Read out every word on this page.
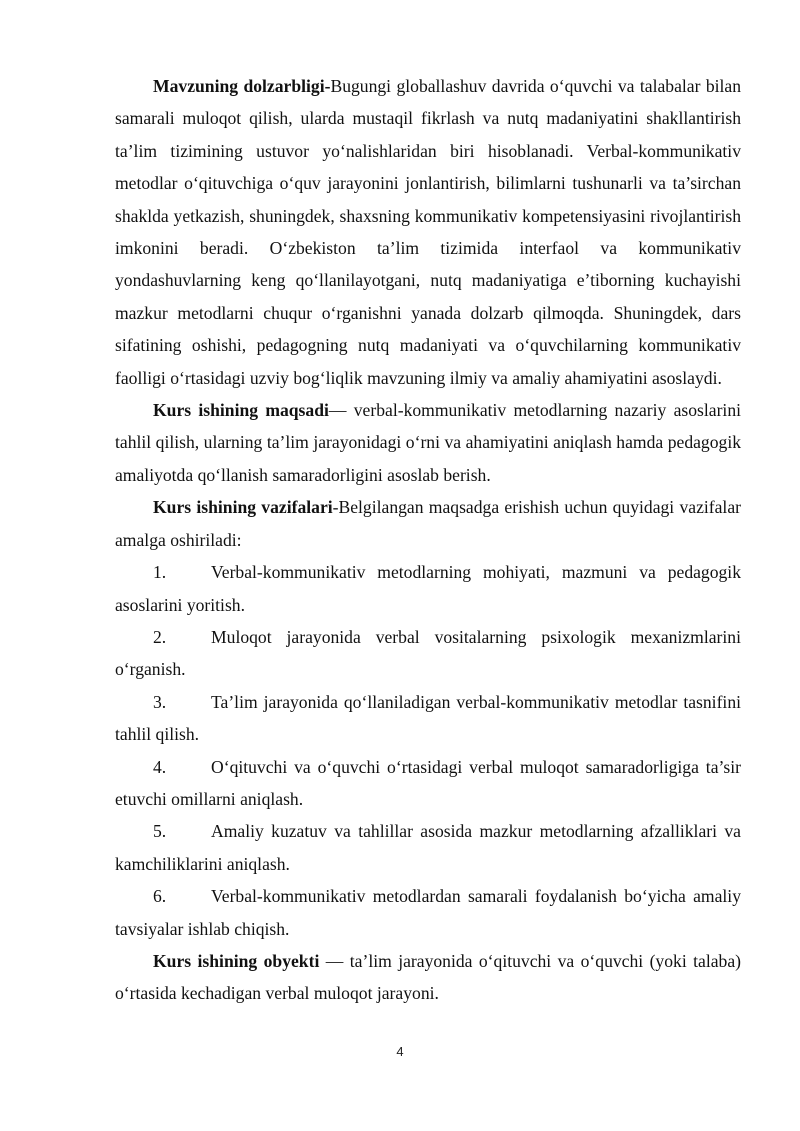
Mavzuning dolzarbligi-Bugungi globallashuv davrida o‘quvchi va talabalar bilan samarali muloqot qilish, ularda mustaqil fikrlash va nutq madaniyatini shakllantirish ta’lim tizimining ustuvor yo‘nalishlaridan biri hisoblanadi. Verbal-kommunikativ metodlar o‘qituvchiga o‘quv jarayonini jonlantirish, bilimlarni tushunarli va ta’sirchan shaklda yetkazish, shuningdek, shaxsning kommunikativ kompetensiyasini rivojlantirish imkonini beradi. O‘zbekiston ta’lim tizimida interfaol va kommunikativ yondashuvlarning keng qo‘llanilayotgani, nutq madaniyatiga e’tiborning kuchayishi mazkur metodlarni chuqur o‘rganishni yanada dolzarb qilmoqda. Shuningdek, dars sifatining oshishi, pedagogning nutq madaniyati va o‘quvchilarning kommunikativ faolligi o‘rtasidagi uzviy bog‘liqlik mavzuning ilmiy va amaliy ahamiyatini asoslaydi.

Kurs ishining maqsadi— verbal-kommunikativ metodlarning nazariy asoslarini tahlil qilish, ularning ta’lim jarayonidagi o‘rni va ahamiyatini aniqlash hamda pedagogik amaliyotda qo‘llanish samaradorligini asoslab berish.

Kurs ishining vazifalari-Belgilangan maqsadga erishish uchun quyidagi vazifalar amalga oshiriladi:

1.	Verbal-kommunikativ metodlarning mohiyati, mazmuni va pedagogik asoslarini yoritish.

2.	Muloqot jarayonida verbal vositalarning psixologik mexanizmlarini o‘rganish.

3.	Ta’lim jarayonida qo‘llaniladigan verbal-kommunikativ metodlar tasnifini tahlil qilish.

4.	O‘qituvchi va o‘quvchi o‘rtasidagi verbal muloqot samaradorligiga ta’sir etuvchi omillarni aniqlash.

5.	Amaliy kuzatuv va tahlillar asosida mazkur metodlarning afzalliklari va kamchiliklarini aniqlash.

6.	Verbal-kommunikativ metodlardan samarali foydalanish bo‘yicha amaliy tavsiyalar ishlab chiqish.

Kurs ishining obyekti — ta’lim jarayonida o‘qituvchi va o‘quvchi (yoki talaba) o‘rtasida kechadigan verbal muloqot jarayoni.

4
